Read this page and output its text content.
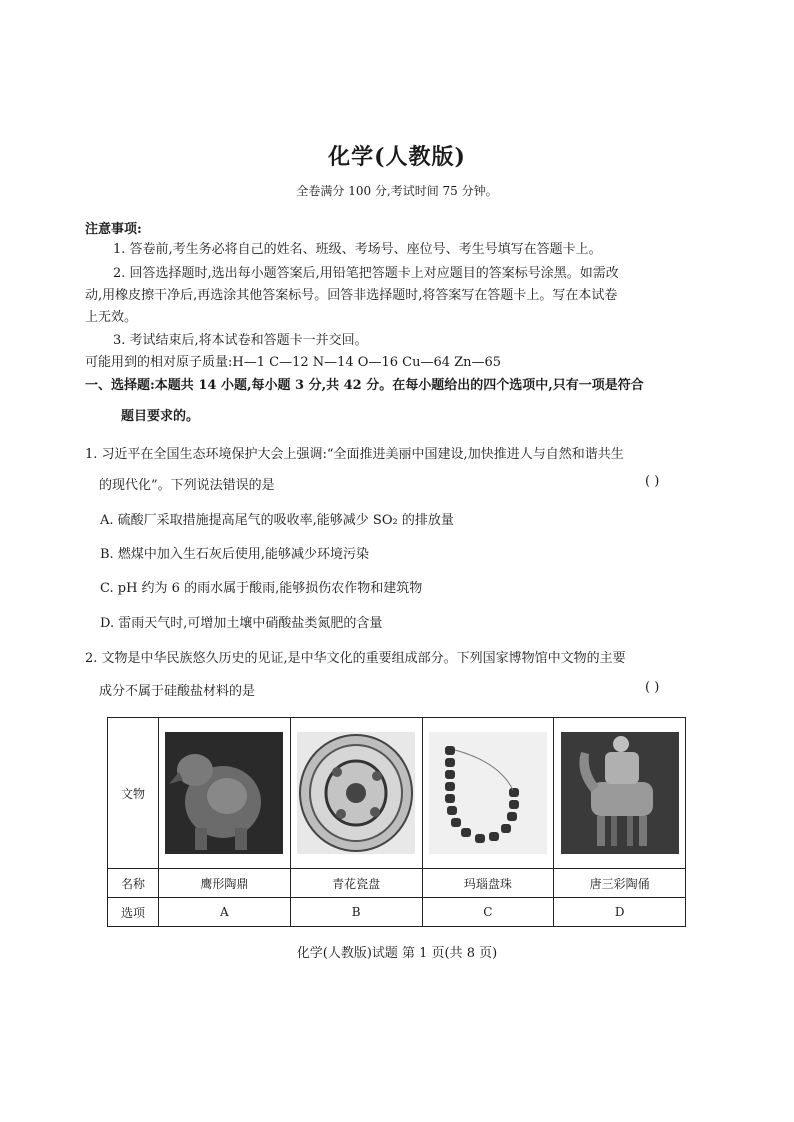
化学(人教版)
全卷满分 100 分,考试时间 75 分钟。
注意事项:
1. 答卷前,考生务必将自己的姓名、班级、考场号、座位号、考生号填写在答题卡上。
2. 回答选择题时,选出每小题答案后,用铅笔把答题卡上对应题目的答案标号涂黑。如需改
动,用橡皮擦干净后,再选涂其他答案标号。回答非选择题时,将答案写在答题卡上。写在本试卷
上无效。
3. 考试结束后,将本试卷和答题卡一并交回。
可能用到的相对原子质量:H—1 C—12 N—14 O—16 Cu—64 Zn—65
一、选择题:本题共 14 小题,每小题 3 分,共 42 分。在每小题给出的四个选项中,只有一项是符合
题目要求的。
1. 习近平在全国生态环境保护大会上强调:“全面推进美丽中国建设,加快推进人与自然和谐共生
的现代化”。下列说法错误的是	( )
A. 硫酸厂采取措施提高尾气的吸收率,能够减少 SO₂ 的排放量
B. 燃煤中加入生石灰后使用,能够减少环境污染
C. pH 约为 6 的雨水属于酸雨,能够损伤农作物和建筑物
D. 雷雨天气时,可增加土壤中硝酸盐类氮肥的含量
2. 文物是中华民族悠久历史的见证,是中华文化的重要组成部分。下列国家博物馆中文物的主要
成分不属于硅酸盐材料的是	( )
文物	

名称	鹰形陶鼎	青花瓷盘	玛瑙盘珠	唐三彩陶俑
选项	A	B	C	D
化学(人教版)试题 第 1 页(共 8 页)
